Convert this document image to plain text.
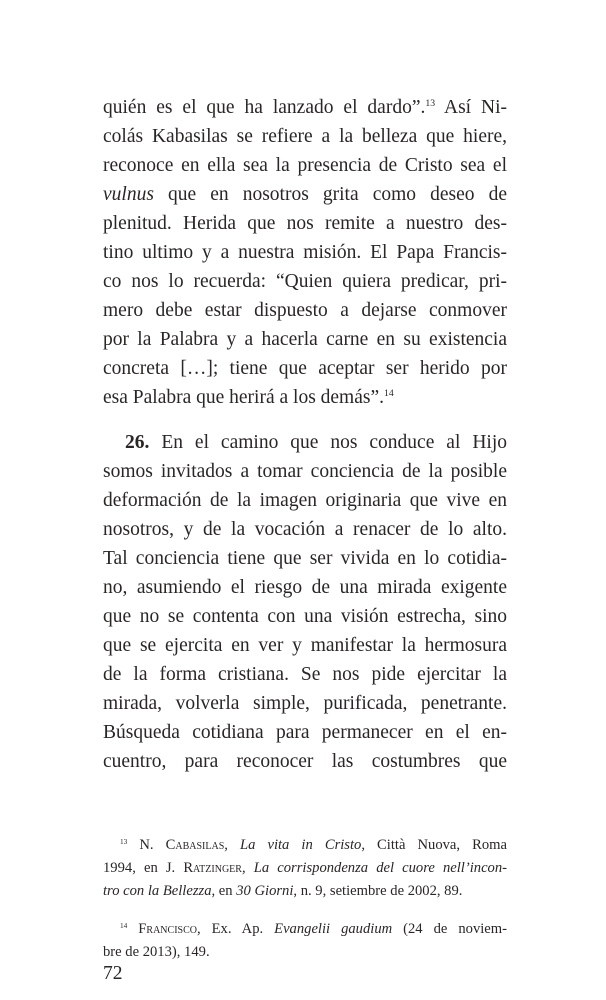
quién es el que ha lanzado el dardo”.$^{13}$ Así Ni-
colás Kabasilas se refiere a la belleza que hiere,
reconoce en ella sea la presencia de Cristo sea el
vulnus que en nosotros grita como deseo de
plenitud. Herida que nos remite a nuestro des-
tino ultimo y a nuestra misión. El Papa Francis-
co nos lo recuerda: “Quien quiera predicar, pri-
mero debe estar dispuesto a dejarse conmover
por la Palabra y a hacerla carne en su existencia
concreta […]; tiene que aceptar ser herido por
esa Palabra que herirá a los demás”.$^{14}$
26. En el camino que nos conduce al Hijo
somos invitados a tomar conciencia de la posible
deformación de la imagen originaria que vive en
nosotros, y de la vocación a renacer de lo alto.
Tal conciencia tiene que ser vivida en lo cotidia-
no, asumiendo el riesgo de una mirada exigente
que no se contenta con una visión estrecha, sino
que se ejercita en ver y manifestar la hermosura
de la forma cristiana. Se nos pide ejercitar la
mirada, volverla simple, purificada, penetrante.
Búsqueda cotidiana para permanecer en el en-
cuentro, para reconocer las costumbres que
$^{13}$ N. Cabasilas, La vita in Cristo, Città Nuova, Roma
1994, en J. Ratzinger, La corrispondenza del cuore nell’incon-
tro con la Bellezza, en 30 Giorni, n. 9, setiembre de 2002, 89.
$^{14}$ Francisco, Ex. Ap. Evangelii gaudium (24 de noviem-
bre de 2013), 149.
72
